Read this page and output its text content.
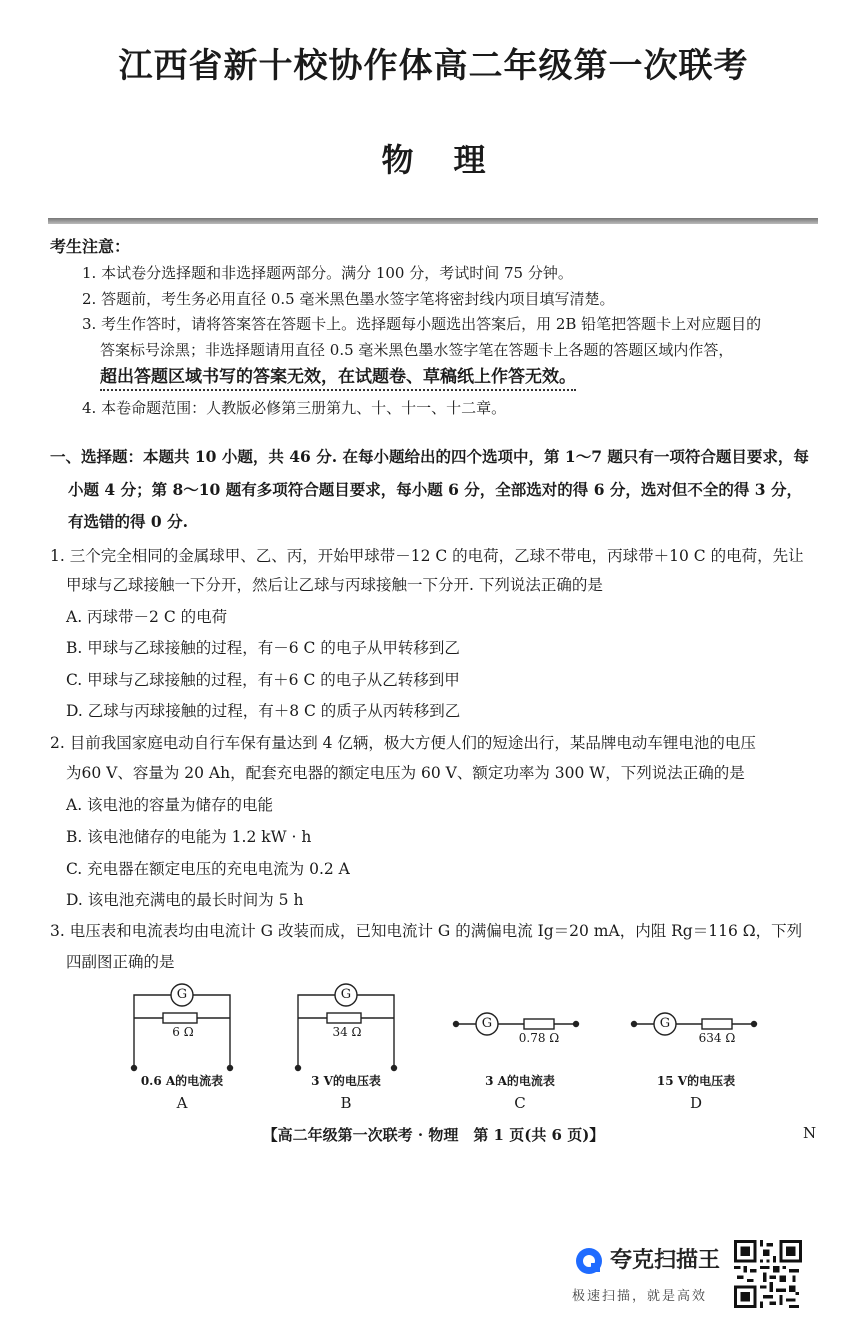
江西省新十校协作体高二年级第一次联考
物理
考生注意：
1. 本试卷分选择题和非选择题两部分。满分 100 分，考试时间 75 分钟。
2. 答题前，考生务必用直径 0.5 毫米黑色墨水签字笔将密封线内项目填写清楚。
3. 考生作答时，请将答案答在答题卡上。选择题每小题选出答案后，用 2B 铅笔把答题卡上对应题目的
答案标号涂黑；非选择题请用直径 0.5 毫米黑色墨水签字笔在答题卡上各题的答题区域内作答，
超出答题区域书写的答案无效，在试题卷、草稿纸上作答无效。
4. 本卷命题范围：人教版必修第三册第九、十、十一、十二章。
一、选择题：本题共 10 小题，共 46 分. 在每小题给出的四个选项中，第 1～7 题只有一项符合题目要求，每
小题 4 分；第 8～10 题有多项符合题目要求，每小题 6 分，全部选对的得 6 分，选对但不全的得 3 分，
有选错的得 0 分.
1. 三个完全相同的金属球甲、乙、丙，开始甲球带－12 C 的电荷，乙球不带电，丙球带＋10 C 的电荷，先让
甲球与乙球接触一下分开，然后让乙球与丙球接触一下分开. 下列说法正确的是
A. 丙球带－2 C 的电荷
B. 甲球与乙球接触的过程，有－6 C 的电子从甲转移到乙
C. 甲球与乙球接触的过程，有＋6 C 的电子从乙转移到甲
D. 乙球与丙球接触的过程，有＋8 C 的质子从丙转移到乙
2. 目前我国家庭电动自行车保有量达到 4 亿辆，极大方便人们的短途出行，某品牌电动车锂电池的电压
为60 V、容量为 20 Ah，配套充电器的额定电压为 60 V、额定功率为 300 W，下列说法正确的是
A. 该电池的容量为储存的电能
B. 该电池储存的电能为 1.2 kW · h
C. 充电器在额定电压的充电电流为 0.2 A
D. 该电池充满电的最长时间为 5 h
3. 电压表和电流表均由电流计 G 改装而成，已知电流计 G 的满偏电流 Ig＝20 mA，内阻 Rg＝116 Ω，下列
四副图正确的是
G	G
G	G
6 Ω	34 Ω	0.78 Ω	634 Ω
0.6 A的电流表	3 V的电压表	3 A的电流表	15 V的电压表
A	B	C	D
【高二年级第一次联考 · 物理　第 1 页(共 6 页)】	N
夸克扫描王
极速扫描，就是高效
